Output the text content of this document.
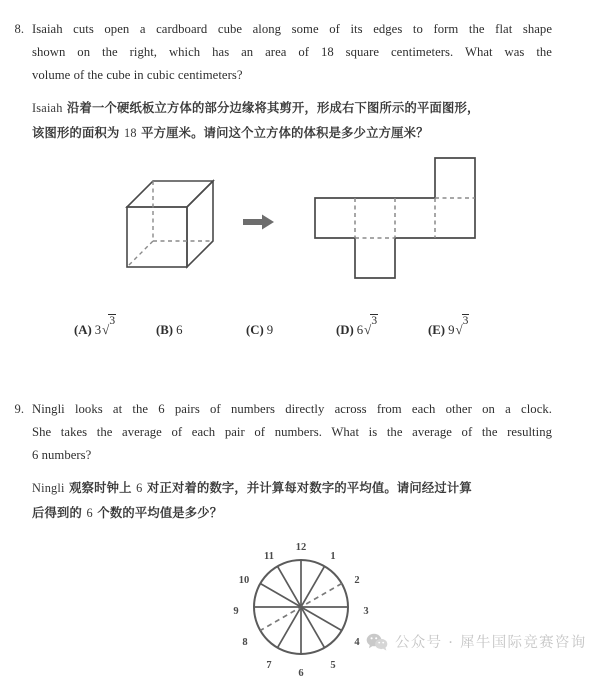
8. Isaiah cuts open a cardboard cube along some of its edges to form the flat shape
shown on the right, which has an area of 18 square centimeters. What was the
volume of the cube in cubic centimeters?

Isaiah 沿着一个硬纸板立方体的部分边缘将其剪开，形成右下图所示的平面图形，
该图形的面积为 18 平方厘米。请问这个立方体的体积是多少立方厘米？

(A) 3√3
(B) 6	(C) 9	(D) 6√3
(E) 9√3
9. Ningli looks at the 6 pairs of numbers directly across from each other on a clock.
She takes the average of each pair of numbers. What is the average of the resulting
6 numbers?

Ningli 观察时钟上 6 对正对着的数字，并计算每对数字的平均值。请问经过计算
后得到的 6 个数的平均值是多少？

12
1
2
3
4
5
6
7
8
9
10
11
公众号 · 犀牛国际竞赛咨询
